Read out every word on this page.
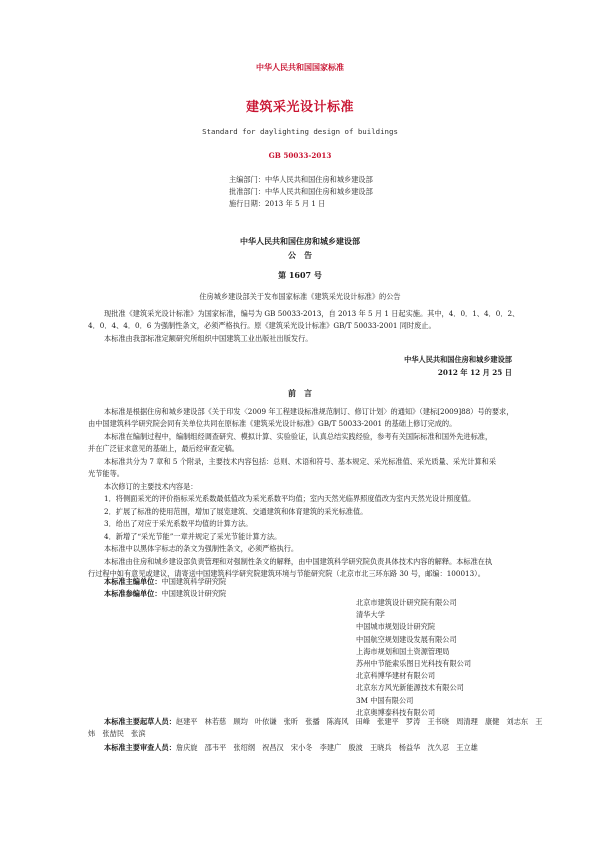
中华人民共和国国家标准
建筑采光设计标准
Standard for daylighting design of buildings
GB 50033-2013
主编部门：中华人民共和国住房和城乡建设部
批准部门：中华人民共和国住房和城乡建设部
施行日期：2013 年 5 月 1 日
中华人民共和国住房和城乡建设部
公　告
第 1607 号
住房城乡建设部关于发布国家标准《建筑采光设计标准》的公告
现批准《建筑采光设计标准》为国家标准，编号为 GB 50033-2013，自 2013 年 5 月 1 日起实施。其中，4．0．1、4．0．2、
4．0．4、4．0．6 为强制性条文，必须严格执行。原《建筑采光设计标准》GB/T 50033-2001 同时废止。
本标准由我部标准定额研究所组织中国建筑工业出版社出版发行。
中华人民共和国住房和城乡建设部
2012 年 12 月 25 日
前　言
本标准是根据住房和城乡建设部《关于印发〈2009 年工程建设标准规范制订、修订计划〉的通知》（建标[2009]88）号的要求，
由中国建筑科学研究院会同有关单位共同在原标准《建筑采光设计标准》GB/T 50033-2001 的基础上修订完成的。
本标准在编制过程中，编制组经调查研究、模拟计算、实验验证，认真总结实践经验，参考有关国际标准和国外先进标准，
并在广泛征求意见的基础上，最后经审查定稿。
本标准共分为 7 章和 5 个附录，主要技术内容包括：总则、术语和符号、基本规定、采光标准值、采光质量、采光计算和采
光节能等。
本次修订的主要技术内容是：
1．将侧面采光的评价指标采光系数最低值改为采光系数平均值；室内天然光临界照度值改为室内天然光设计照度值。
2．扩展了标准的使用范围，增加了展览建筑、交通建筑和体育建筑的采光标准值。
3．给出了对应于采光系数平均值的计算方法。
4．新增了“采光节能”一章并规定了采光节能计算方法。
本标准中以黑体字标志的条文为强制性条文，必须严格执行。
本标准由住房和城乡建设部负责管理和对强制性条文的解释，由中国建筑科学研究院负责具体技术内容的解释。本标准在执
行过程中如有意见或建议，请寄送中国建筑科学研究院建筑环境与节能研究院（北京市北三环东路 30 号，邮编：100013）。
本标准主编单位：中国建筑科学研究院
本标准参编单位：中国建筑设计研究院
北京市建筑设计研究院有限公司
清华大学
中国城市规划设计研究院
中国航空规划建设发展有限公司
上海市规划和国土资源管理局
苏州中节能索乐图日光科技有限公司
北京科博华建材有限公司
北京东方风光新能源技术有限公司
3M 中国有限公司
北京奥博泰科技有限公司
本标准主要起草人员：赵建平　林若慈　顾均　叶依谦　张昕　张播　陈海风　田峰　张建平　罗涛　王书晓　周清理　康健　刘志东　王
炜　张喆民　张滨
本标准主要审查人员：詹庆旋　邵韦平　张绍纲　祝昌汉　宋小冬　李建广　殷波　王晓兵　杨益华　沈久忍　王立雄
